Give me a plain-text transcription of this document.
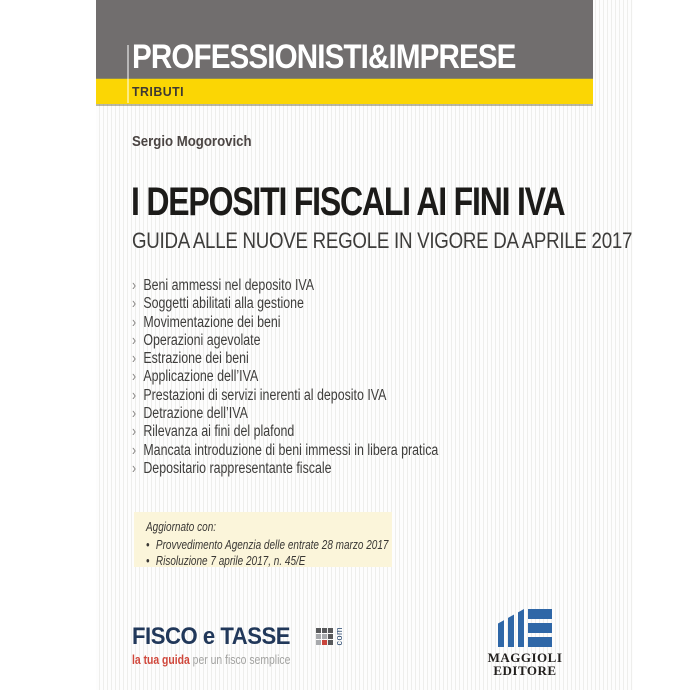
PROFESSIONISTI&IMPRESE
TRIBUTI
Sergio Mogorovich
I DEPOSITI FISCALI AI FINI IVA
GUIDA ALLE NUOVE REGOLE IN VIGORE DA APRILE 2017
› Beni ammessi nel deposito IVA
› Soggetti abilitati alla gestione
› Movimentazione dei beni
› Operazioni agevolate
› Estrazione dei beni
› Applicazione dell’IVA
› Prestazioni di servizi inerenti al deposito IVA
› Detrazione dell’IVA
› Rilevanza ai fini del plafond
› Mancata introduzione di beni immessi in libera pratica
› Depositario rappresentante fiscale
Aggiornato con:
• Provvedimento Agenzia delle entrate 28 marzo 2017
• Risoluzione 7 aprile 2017, n. 45/E
FISCO e TASSE	com
la tua guida per un fisco semplice	MAGGIOLI
EDITORE
